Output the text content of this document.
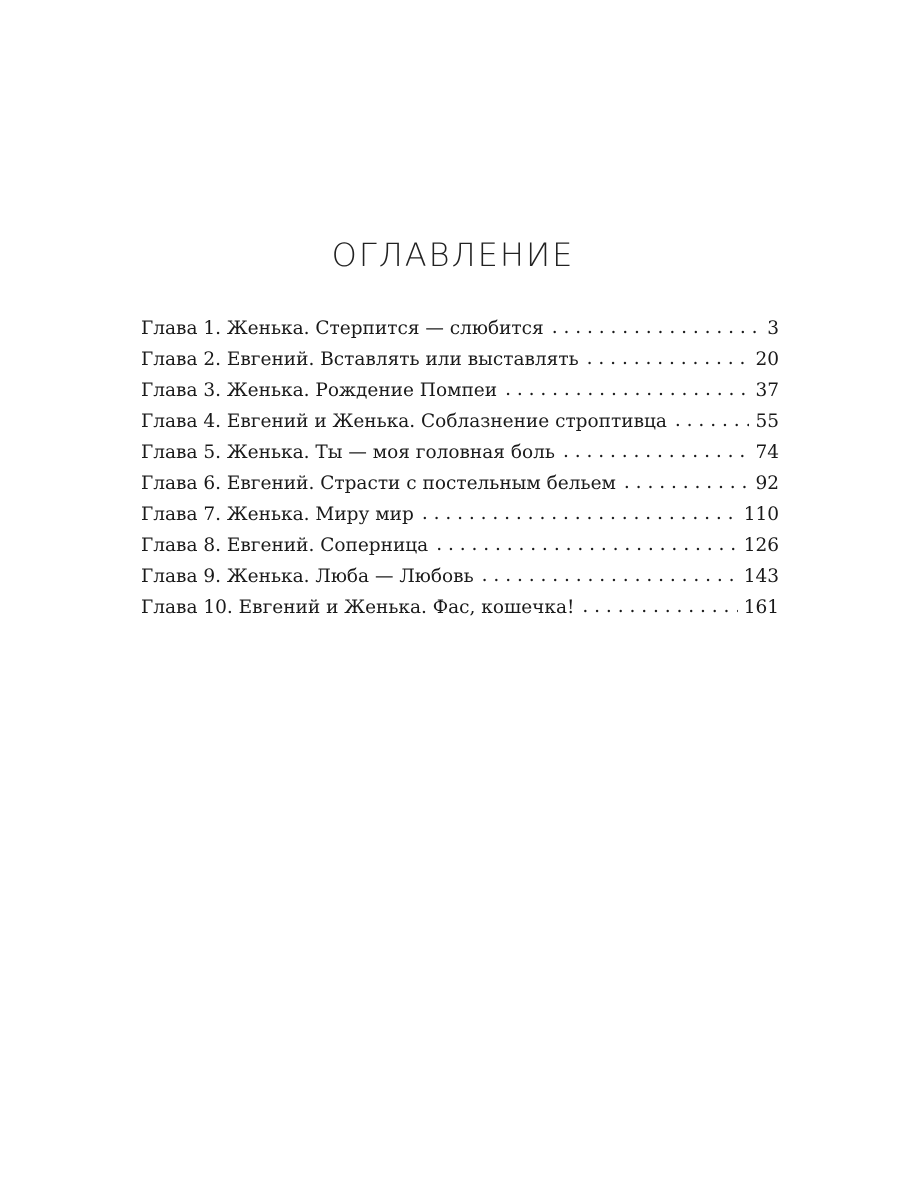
ОГЛАВЛЕНИЕ
Глава 1. Женька. Стерпится — слюбится . . .	3
Глава 2. Евгений. Вставлять или выставлять . . .	20
Глава 3. Женька. Рождение Помпеи . . .	37
Глава 4. Евгений и Женька. Соблазнение строптивца . . .	55
Глава 5. Женька. Ты — моя головная боль . . .	74
Глава 6. Евгений. Страсти с постельным бельем . . .	92
Глава 7. Женька. Миру мир . . .	110
Глава 8. Евгений. Соперница . . .	126
Глава 9. Женька. Люба — Любовь . . .	143
Глава 10. Евгений и Женька. Фас, кошечка! . . .	161
